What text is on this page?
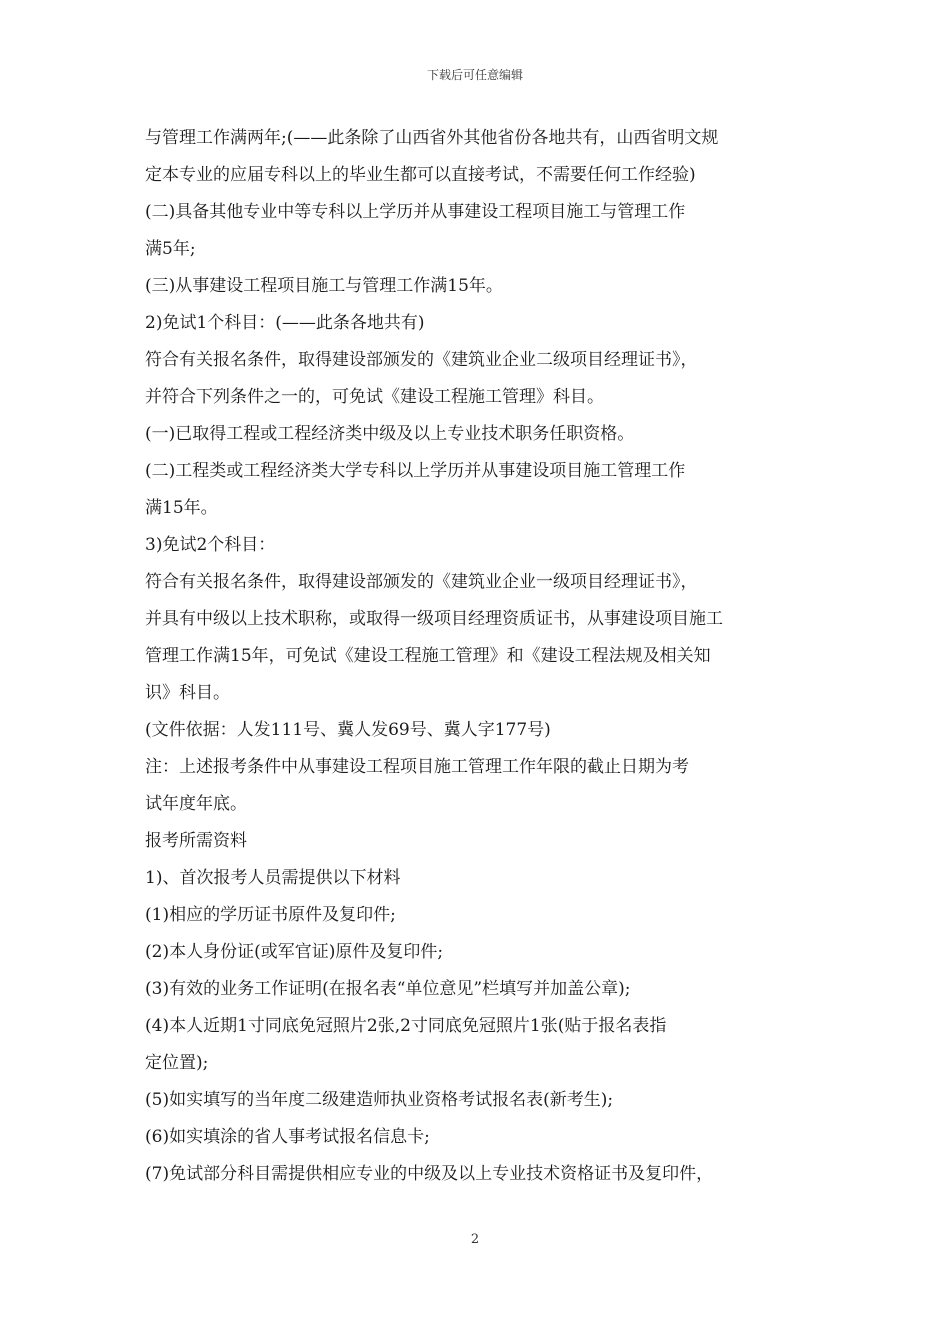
下载后可任意编辑

与管理工作满两年;(——此条除了山西省外其他省份各地共有，山西省明文规
定本专业的应届专科以上的毕业生都可以直接考试，不需要任何工作经验)

(二)具备其他专业中等专科以上学历并从事建设工程项目施工与管理工作
满5年;

(三)从事建设工程项目施工与管理工作满15年。

2)免试1个科目：(——此条各地共有)

符合有关报名条件，取得建设部颁发的《建筑业企业二级项目经理证书》，
并符合下列条件之一的，可免试《建设工程施工管理》科目。

(一)已取得工程或工程经济类中级及以上专业技术职务任职资格。

(二)工程类或工程经济类大学专科以上学历并从事建设项目施工管理工作
满15年。

3)免试2个科目：

符合有关报名条件，取得建设部颁发的《建筑业企业一级项目经理证书》，
并具有中级以上技术职称，或取得一级项目经理资质证书，从事建设项目施工
管理工作满15年，可免试《建设工程施工管理》和《建设工程法规及相关知
识》科目。

(文件依据：人发111号、冀人发69号、冀人字177号)

注：上述报考条件中从事建设工程项目施工管理工作年限的截止日期为考
试年度年底。

报考所需资料

1)、首次报考人员需提供以下材料

(1)相应的学历证书原件及复印件;

(2)本人身份证(或军官证)原件及复印件;

(3)有效的业务工作证明(在报名表“单位意见”栏填写并加盖公章);

(4)本人近期1寸同底免冠照片2张,2寸同底免冠照片1张(贴于报名表指
定位置);

(5)如实填写的当年度二级建造师执业资格考试报名表(新考生);

(6)如实填涂的省人事考试报名信息卡;

(7)免试部分科目需提供相应专业的中级及以上专业技术资格证书及复印件，

2
